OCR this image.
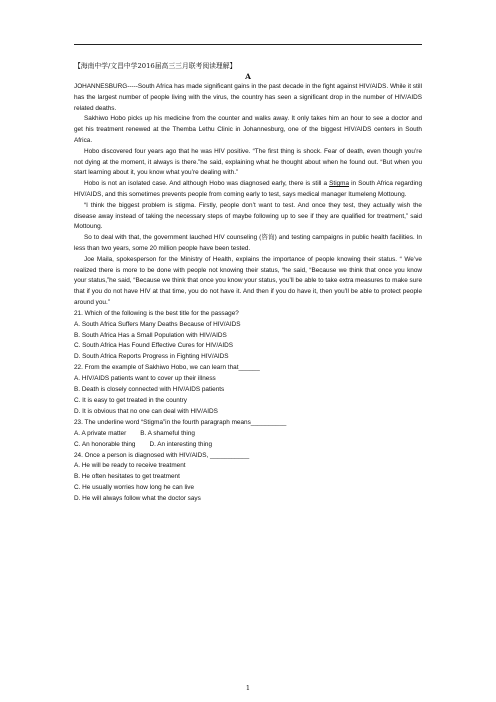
【海南中学/文昌中学2016届高三三月联考阅读理解】
A

JOHANNESBURG-----South Africa has made significant gains in the past decade in the fight against HIV/AIDS. While it still has the largest number of people living with the virus, the country has seen a significant drop in the number of HIV/AIDS related deaths.

Sakhiwo Hobo picks up his medicine from the counter and walks away. It only takes him an hour to see a doctor and get his treatment renewed at the Themba Lethu Clinic in Johannesburg, one of the biggest HIV/AIDS centers in South Africa.

Hobo discovered four years ago that he was HIV positive. “The first thing is shock. Fear of death, even though you’re not dying at the moment, it always is there.”he said, explaining what he thought about when he found out. “But when you start learning about it, you know what you’re dealing with.”

Hobo is not an isolated case. And although Hobo was diagnosed early, there is still a Stigma in South Africa regarding HIV/AIDS, and this sometimes prevents people from coming early to test, says medical manager Itumeleng Mottoung.

“I think the biggest problem is stigma. Firstly, people don’t want to test. And once they test, they actually wish the disease away instead of taking the necessary steps of maybe following up to see if they are qualified for treatment,” said Mottoung.

So to deal with that, the government lauched HIV counseling (咨询) and testing campaigns in public health facilities. In less than two years, some 20 million people have been tested.

Joe Maila, spokesperson for the Ministry of Health, explains the importance of people knowing their status. “ We’ve realized there is more to be done with people not knowing their status, “he said, “Because we think that once you know your status,”he said, “Because we think that once you know your status, you’ll be able to take extra measures to make sure that if you do not have HIV at that time, you do not have it. And then if you do have it, then you’ll be able to protect people around you.”

21. Which of the following is the best title for the passage?
A. South Africa Suffers Many Deaths Because of HIV/AIDS
B. South Africa Has a Small Population with HIV/AIDS
C. South Africa Has Found Effective Cures for HIV/AIDS
D. South Africa Reports Progress in Fighting HIV/AIDS
22. From the example of Sakhiwo Hobo, we can learn that______
A. HIV/AIDS patients want to cover up their illness
B. Death is closely connected with HIV/AIDS patients
C. It is easy to get treated in the country
D. It is obvious that no one can deal with HIV/AIDS
23. The underline word “Stigma”in the fourth paragraph means__________
A. A private matter B. A shameful thing
C. An honorable thing D. An interesting thing
24. Once a person is diagnosed with HIV/AIDS, ___________
A. He will be ready to receive treatment
B. He often hesitates to get treatment
C. He usually worries how long he can live
D. He will always follow what the doctor says
1
